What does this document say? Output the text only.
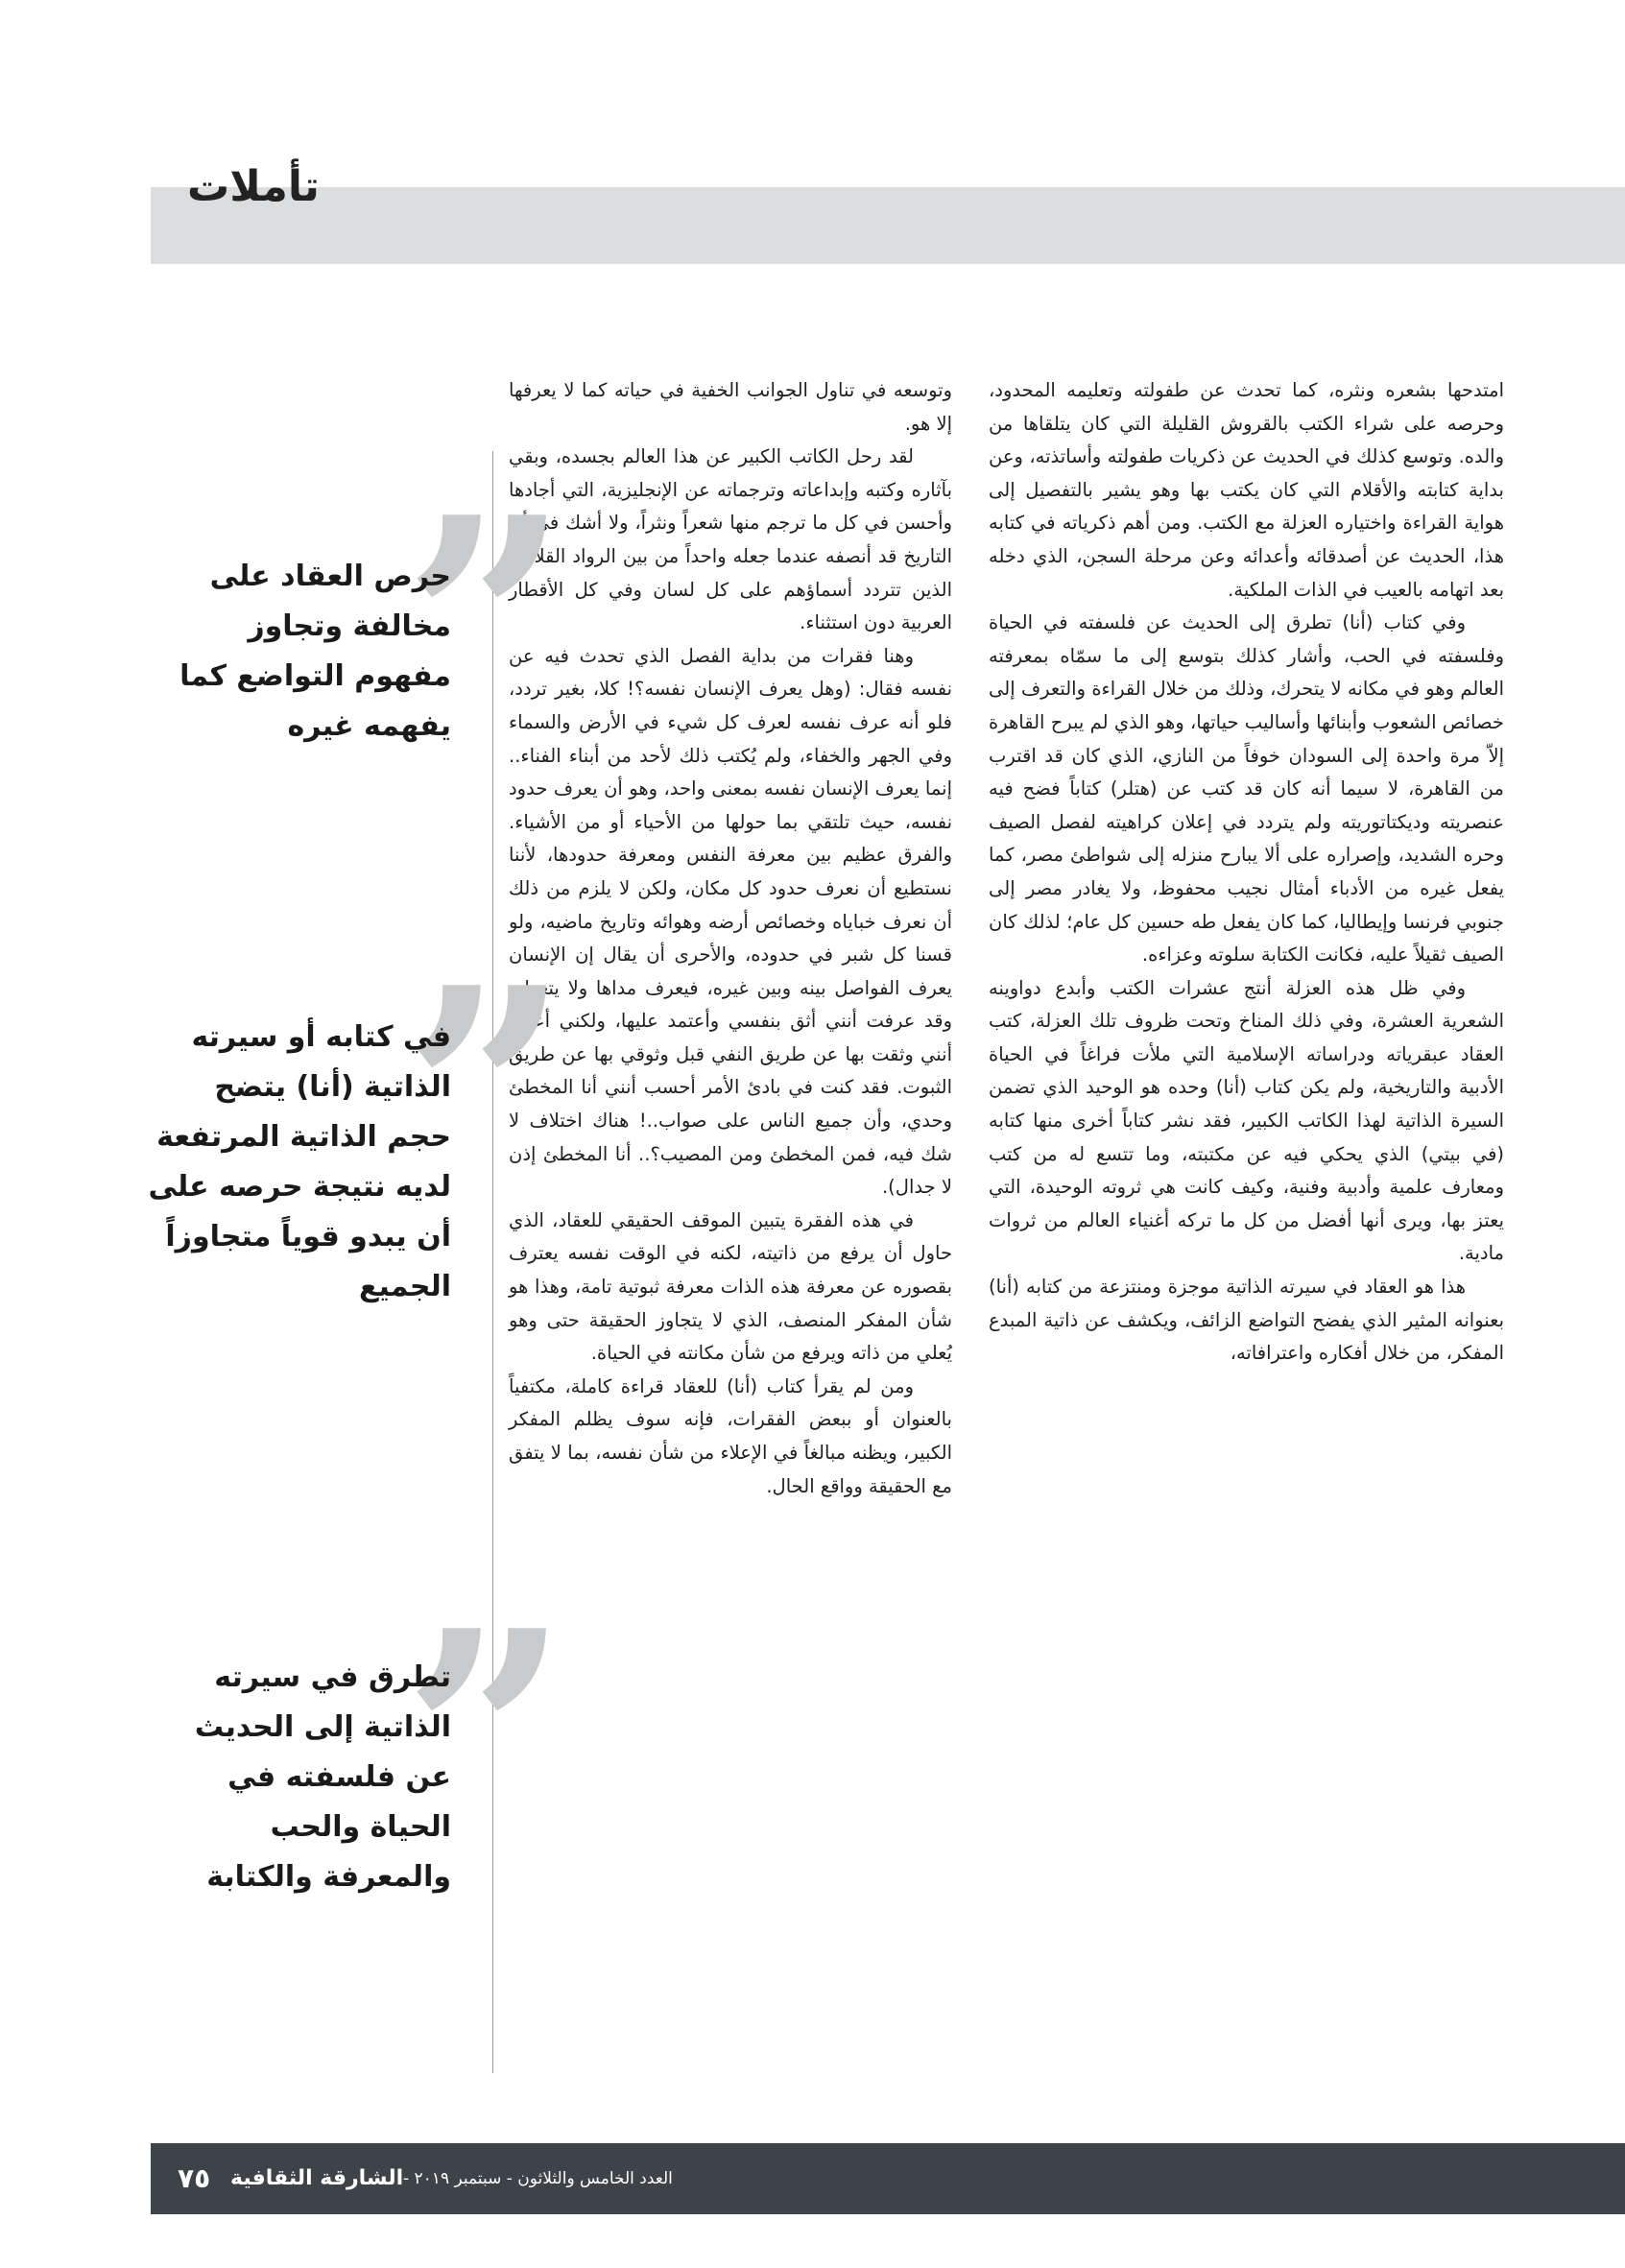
تأملات

امتدحها بشعره ونثره، كما تحدث عن طفولته وتعليمه المحدود، وحرصه على شراء الكتب بالقروش القليلة التي كان يتلقاها من والده. وتوسع كذلك في الحديث عن ذكريات طفولته وأساتذته، وعن بداية كتابته والأقلام التي كان يكتب بها وهو يشير بالتفصيل إلى هواية القراءة واختياره العزلة مع الكتب. ومن أهم ذكرياته في كتابه هذا، الحديث عن أصدقائه وأعدائه وعن مرحلة السجن، الذي دخله بعد اتهامه بالعيب في الذات الملكية.

وفي كتاب (أنا) تطرق إلى الحديث عن فلسفته في الحياة وفلسفته في الحب، وأشار كذلك بتوسع إلى ما سمّاه بمعرفته العالم وهو في مكانه لا يتحرك، وذلك من خلال القراءة والتعرف إلى خصائص الشعوب وأبنائها وأساليب حياتها، وهو الذي لم يبرح القاهرة إلاّ مرة واحدة إلى السودان خوفاً من النازي، الذي كان قد اقترب من القاهرة، لا سيما أنه كان قد كتب عن (هتلر) كتاباً فضح فيه عنصريته وديكتاتوريته ولم يتردد في إعلان كراهيته لفصل الصيف وحره الشديد، وإصراره على ألا يبارح منزله إلى شواطئ مصر، كما يفعل غيره من الأدباء أمثال نجيب محفوظ، ولا يغادر مصر إلى جنوبي فرنسا وإيطاليا، كما كان يفعل طه حسين كل عام؛ لذلك كان الصيف ثقيلاً عليه، فكانت الكتابة سلوته وعزاءه.

وفي ظل هذه العزلة أنتج عشرات الكتب وأبدع دواوينه الشعرية العشرة، وفي ذلك المناخ وتحت ظروف تلك العزلة، كتب العقاد عبقرياته ودراساته الإسلامية التي ملأت فراغاً في الحياة الأدبية والتاريخية، ولم يكن كتاب (أنا) وحده هو الوحيد الذي تضمن السيرة الذاتية لهذا الكاتب الكبير، فقد نشر كتاباً أخرى منها كتابه (في بيتي) الذي يحكي فيه عن مكتبته، وما تتسع له من كتب ومعارف علمية وأدبية وفنية، وكيف كانت هي ثروته الوحيدة، التي يعتز بها، ويرى أنها أفضل من كل ما تركه أغنياء العالم من ثروات مادية.

هذا هو العقاد في سيرته الذاتية موجزة ومنتزعة من كتابه (أنا) بعنوانه المثير الذي يفضح التواضع الزائف، ويكشف عن ذاتية المبدع المفكر، من خلال أفكاره واعترافاته،

وتوسعه في تناول الجوانب الخفية في حياته كما لا يعرفها إلا هو.

لقد رحل الكاتب الكبير عن هذا العالم بجسده، وبقي بآثاره وكتبه وإبداعاته وترجماته عن الإنجليزية، التي أجادها وأحسن في كل ما ترجم منها شعراً ونثراً، ولا أشك في أن التاريخ قد أنصفه عندما جعله واحداً من بين الرواد القلائل، الذين تتردد أسماؤهم على كل لسان وفي كل الأقطار العربية دون استثناء.

وهنا فقرات من بداية الفصل الذي تحدث فيه عن نفسه فقال: (وهل يعرف الإنسان نفسه؟! كلا، بغير تردد، فلو أنه عرف نفسه لعرف كل شيء في الأرض والسماء وفي الجهر والخفاء، ولم يُكتب ذلك لأحد من أبناء الفناء.. إنما يعرف الإنسان نفسه بمعنى واحد، وهو أن يعرف حدود نفسه، حيث تلتقي بما حولها من الأحياء أو من الأشياء. والفرق عظيم بين معرفة النفس ومعرفة حدودها، لأننا نستطيع أن نعرف حدود كل مكان، ولكن لا يلزم من ذلك أن نعرف خباياه وخصائص أرضه وهوائه وتاريخ ماضيه، ولو قسنا كل شبر في حدوده، والأحرى أن يقال إن الإنسان يعرف الفواصل بينه وبين غيره، فيعرف مداها ولا يتعداه. وقد عرفت أنني أثق بنفسي وأعتمد عليها، ولكني أعتقد أنني وثقت بها عن طريق النفي قبل وثوقي بها عن طريق الثبوت. فقد كنت في بادئ الأمر أحسب أنني أنا المخطئ وحدي، وأن جميع الناس على صواب..! هناك اختلاف لا شك فيه، فمن المخطئ ومن المصيب؟.. أنا المخطئ إذن لا جدال).

في هذه الفقرة يتبين الموقف الحقيقي للعقاد، الذي حاول أن يرفع من ذاتيته، لكنه في الوقت نفسه يعترف بقصوره عن معرفة هذه الذات معرفة ثبوتية تامة، وهذا هو شأن المفكر المنصف، الذي لا يتجاوز الحقيقة حتى وهو يُعلي من ذاته ويرفع من شأن مكانته في الحياة.

ومن لم يقرأ كتاب (أنا) للعقاد قراءة كاملة، مكتفياً بالعنوان أو ببعض الفقرات، فإنه سوف يظلم المفكر الكبير، ويظنه مبالغاً في الإعلاء من شأن نفسه، بما لا يتفق مع الحقيقة وواقع الحال.

”
حرص العقاد على مخالفة وتجاوز مفهوم التواضع كما يفهمه غيره
”
في كتابه أو سيرته الذاتية (أنا) يتضح حجم الذاتية المرتفعة لديه نتيجة حرصه على أن يبدو قوياً متجاوزاً الجميع
”
تطرق في سيرته الذاتية إلى الحديث عن فلسفته في الحياة والحب والمعرفة والكتابة
٧٥ الشارقة الثقافية العدد الخامس والثلاثون - سبتمبر ٢٠١٩ -
